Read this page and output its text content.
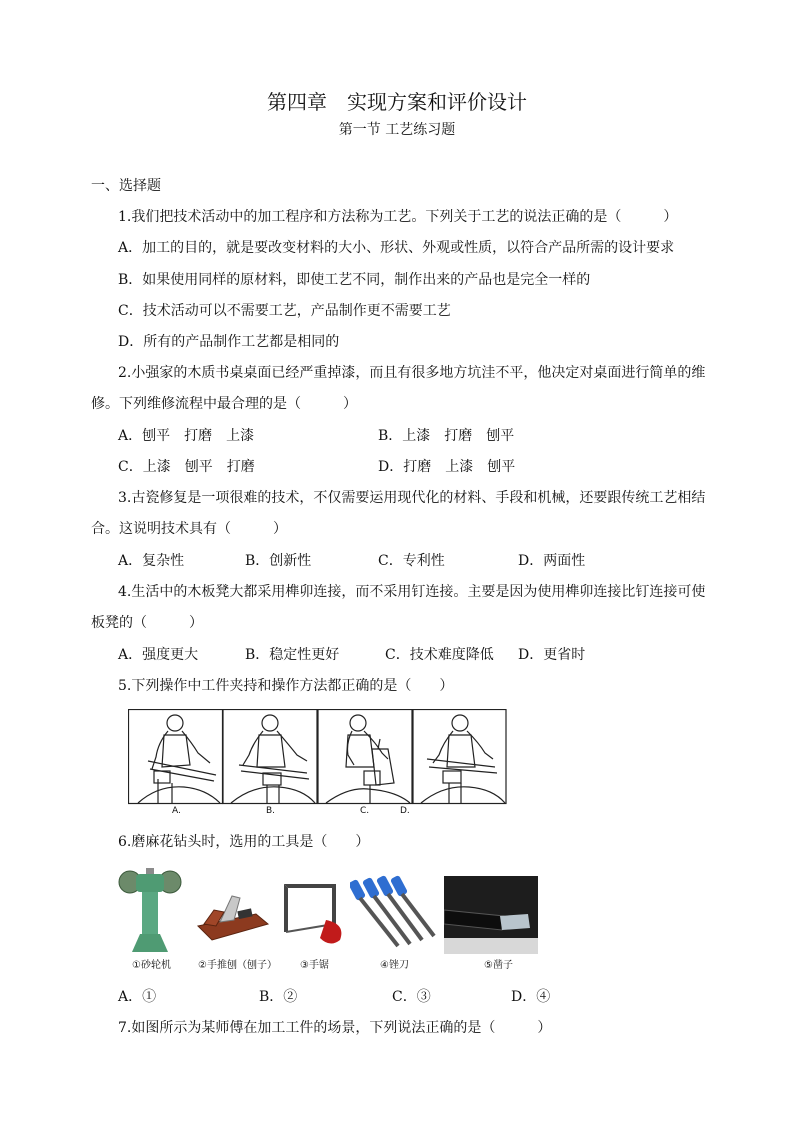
第四章　实现方案和评价设计
第一节 工艺练习题
一、选择题
1.我们把技术活动中的加工程序和方法称为工艺。下列关于工艺的说法正确的是（　　　）
A．加工的目的，就是要改变材料的大小、形状、外观或性质，以符合产品所需的设计要求
B．如果使用同样的原材料，即使工艺不同，制作出来的产品也是完全一样的
C．技术活动可以不需要工艺，产品制作更不需要工艺
D．所有的产品制作工艺都是相同的
2.小强家的木质书桌桌面已经严重掉漆，而且有很多地方坑洼不平，他决定对桌面进行简单的维
修。下列维修流程中最合理的是（　　　）
A．刨平　打磨　上漆	B．上漆　打磨　刨平
C．上漆　刨平　打磨	D．打磨　上漆　刨平
3.古瓷修复是一项很难的技术，不仅需要运用现代化的材料、手段和机械，还要跟传统工艺相结
合。这说明技术具有（　　　）
A．复杂性	B．创新性	C．专利性	D．两面性
4.生活中的木板凳大都采用榫卯连接，而不采用钉连接。主要是因为使用榫卯连接比钉连接可使
板凳的（　　　）
A．强度更大	B．稳定性更好	C．技术难度降低 D．更省时
5.下列操作中工件夹持和操作方法都正确的是（　　）
A.	B.	C.	D.
6.磨麻花钻头时，选用的工具是（　　）
①砂轮机	②手推刨（刨子） ③手锯	④锉刀	⑤凿子
A．①	B．②	C．③	D．④
7.如图所示为某师傅在加工工件的场景，下列说法正确的是（　　　）
